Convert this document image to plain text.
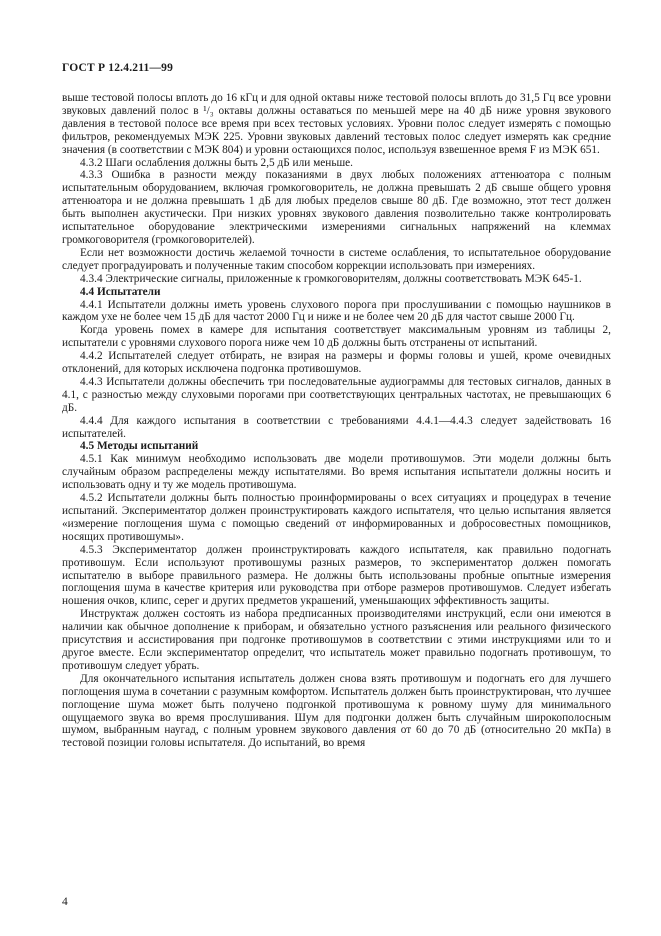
ГОСТ Р 12.4.211—99

выше тестовой полосы вплоть до 16 кГц и для одной октавы ниже тестовой полосы вплоть до 31,5 Гц все уровни звуковых давлений полос в ¹/₃ октавы должны оставаться по меньшей мере на 40 дБ ниже уровня звукового давления в тестовой полосе все время при всех тестовых условиях. Уровни полос следует измерять с помощью фильтров, рекомендуемых МЭК 225. Уровни звуковых давлений тестовых полос следует измерять как средние значения (в соответствии с МЭК 804) и уровни остающихся полос, используя взвешенное время F из МЭК 651.

4.3.2 Шаги ослабления должны быть 2,5 дБ или меньше.

4.3.3 Ошибка в разности между показаниями в двух любых положениях аттенюатора с полным испытательным оборудованием, включая громкоговоритель, не должна превышать 2 дБ свыше общего уровня аттенюатора и не должна превышать 1 дБ для любых пределов свыше 80 дБ. Где возможно, этот тест должен быть выполнен акустически. При низких уровнях звукового давления позволительно также контролировать испытательное оборудование электрическими измерениями сигнальных напряжений на клеммах громкоговорителя (громкоговорителей).

Если нет возможности достичь желаемой точности в системе ослабления, то испытательное оборудование следует проградуировать и полученные таким способом коррекции использовать при измерениях.

4.3.4 Электрические сигналы, приложенные к громкоговорителям, должны соответствовать МЭК 645-1.

4.4 Испытатели

4.4.1 Испытатели должны иметь уровень слухового порога при прослушивании с помощью наушников в каждом ухе не более чем 15 дБ для частот 2000 Гц и ниже и не более чем 20 дБ для частот свыше 2000 Гц.

Когда уровень помех в камере для испытания соответствует максимальным уровням из таблицы 2, испытатели с уровнями слухового порога ниже чем 10 дБ должны быть отстранены от испытаний.

4.4.2 Испытателей следует отбирать, не взирая на размеры и формы головы и ушей, кроме очевидных отклонений, для которых исключена подгонка противошумов.

4.4.3 Испытатели должны обеспечить три последовательные аудиограммы для тестовых сигналов, данных в 4.1, с разностью между слуховыми порогами при соответствующих центральных частотах, не превышающих 6 дБ.

4.4.4 Для каждого испытания в соответствии с требованиями 4.4.1—4.4.3 следует задействовать 16 испытателей.

4.5 Методы испытаний

4.5.1 Как минимум необходимо использовать две модели противошумов. Эти модели должны быть случайным образом распределены между испытателями. Во время испытания испытатели должны носить и использовать одну и ту же модель противошума.

4.5.2 Испытатели должны быть полностью проинформированы о всех ситуациях и процедурах в течение испытаний. Экспериментатор должен проинструктировать каждого испытателя, что целью испытания является «измерение поглощения шума с помощью сведений от информированных и добросовестных помощников, носящих противошумы».

4.5.3 Экспериментатор должен проинструктировать каждого испытателя, как правильно подогнать противошум. Если используют противошумы разных размеров, то экспериментатор должен помогать испытателю в выборе правильного размера. Не должны быть использованы пробные опытные измерения поглощения шума в качестве критерия или руководства при отборе размеров противошумов. Следует избегать ношения очков, клипс, серег и других предметов украшений, уменьшающих эффективность защиты.

Инструктаж должен состоять из набора предписанных производителями инструкций, если они имеются в наличии как обычное дополнение к приборам, и обязательно устного разъяснения или реального физического присутствия и ассистирования при подгонке противошумов в соответствии с этими инструкциями или то и другое вместе. Если экспериментатор определит, что испытатель может правильно подогнать противошум, то противошум следует убрать.

Для окончательного испытания испытатель должен снова взять противошум и подогнать его для лучшего поглощения шума в сочетании с разумным комфортом. Испытатель должен быть проинструктирован, что лучшее поглощение шума может быть получено подгонкой противошума к ровному шуму для минимального ощущаемого звука во время прослушивания. Шум для подгонки должен быть случайным широкополосным шумом, выбранным наугад, с полным уровнем звукового давления от 60 до 70 дБ (относительно 20 мкПа) в тестовой позиции головы испытателя. До испытаний, во время

4
